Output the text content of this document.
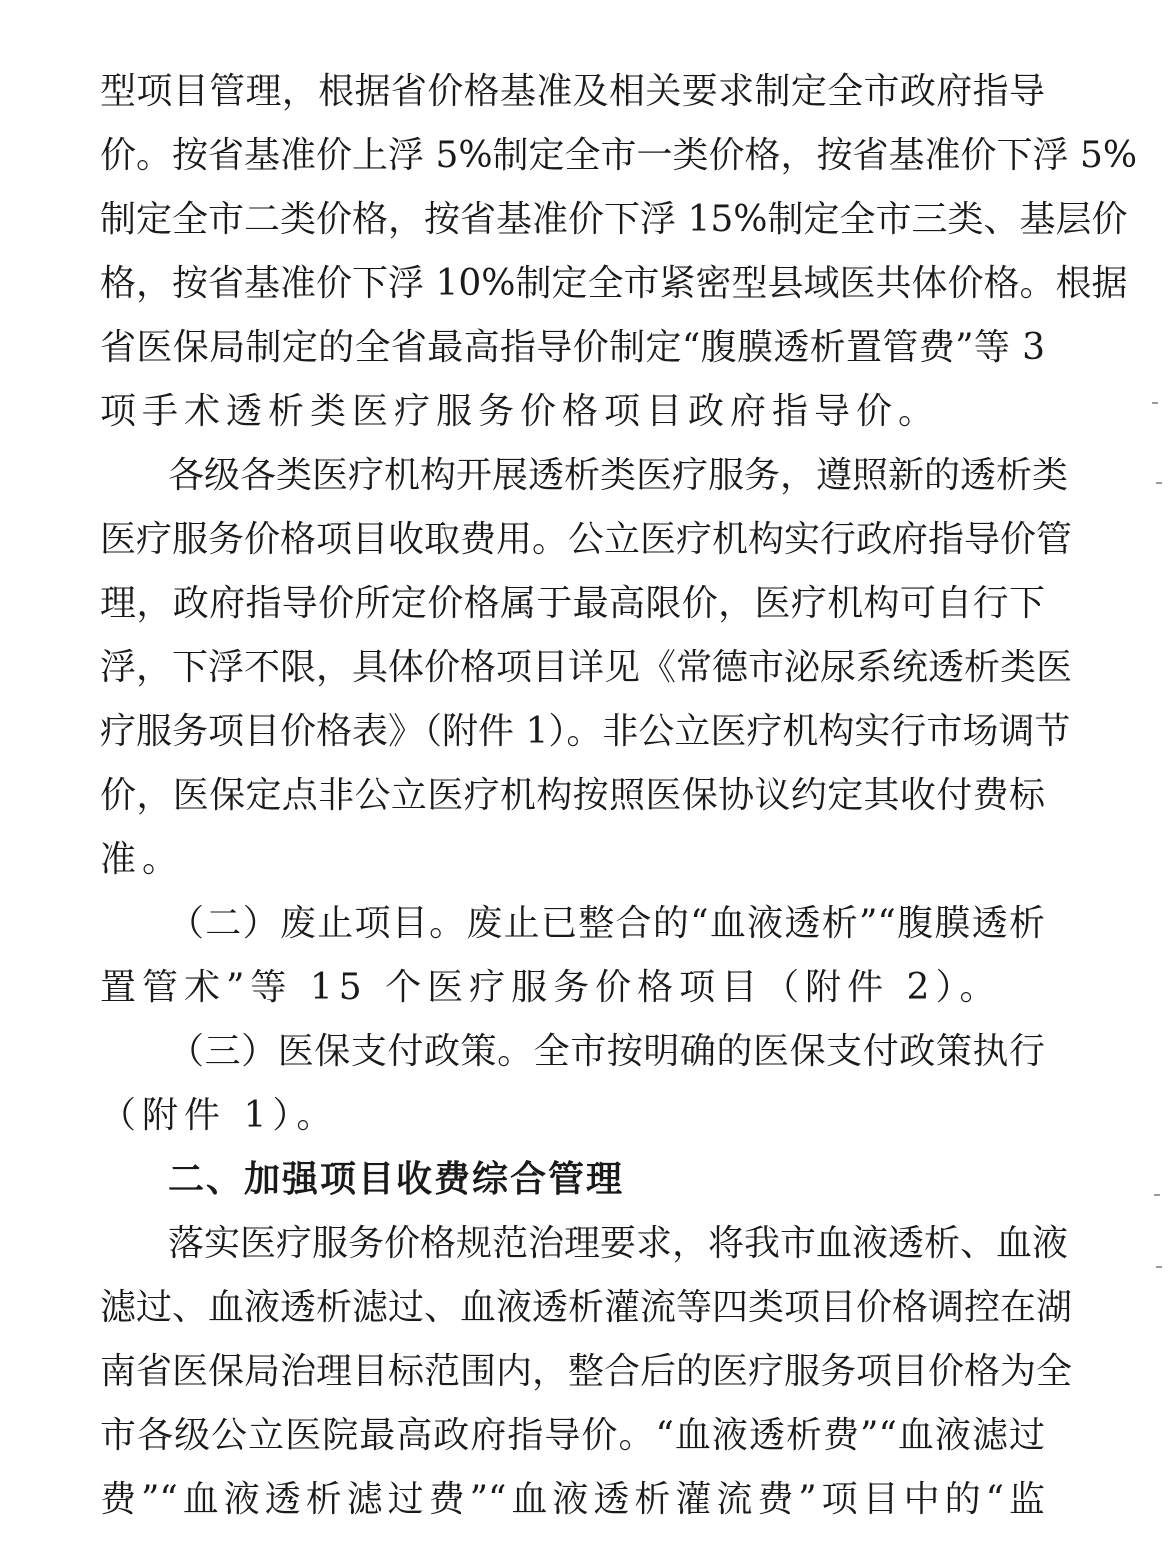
型项目管理，根据省价格基准及相关要求制定全市政府指导
价。按省基准价上浮 5%制定全市一类价格，按省基准价下浮 5%
制定全市二类价格，按省基准价下浮 15%制定全市三类、基层价
格，按省基准价下浮 10%制定全市紧密型县域医共体价格。根据
省医保局制定的全省最高指导价制定“腹膜透析置管费”等 3
项手术透析类医疗服务价格项目政府指导价。
各级各类医疗机构开展透析类医疗服务，遵照新的透析类
医疗服务价格项目收取费用。公立医疗机构实行政府指导价管
理，政府指导价所定价格属于最高限价，医疗机构可自行下
浮，下浮不限，具体价格项目详见《常德市泌尿系统透析类医
疗服务项目价格表》（附件 1）。非公立医疗机构实行市场调节
价，医保定点非公立医疗机构按照医保协议约定其收付费标
准。
（二）废止项目。废止已整合的“血液透析”“腹膜透析
置管术”等 15 个医疗服务价格项目（附件 2）。
（三）医保支付政策。全市按明确的医保支付政策执行
（附件 1）。
二、加强项目收费综合管理
落实医疗服务价格规范治理要求，将我市血液透析、血液
滤过、血液透析滤过、血液透析灌流等四类项目价格调控在湖
南省医保局治理目标范围内，整合后的医疗服务项目价格为全
市各级公立医院最高政府指导价。“血液透析费”“血液滤过
费”“血液透析滤过费”“血液透析灌流费”项目中的“监
